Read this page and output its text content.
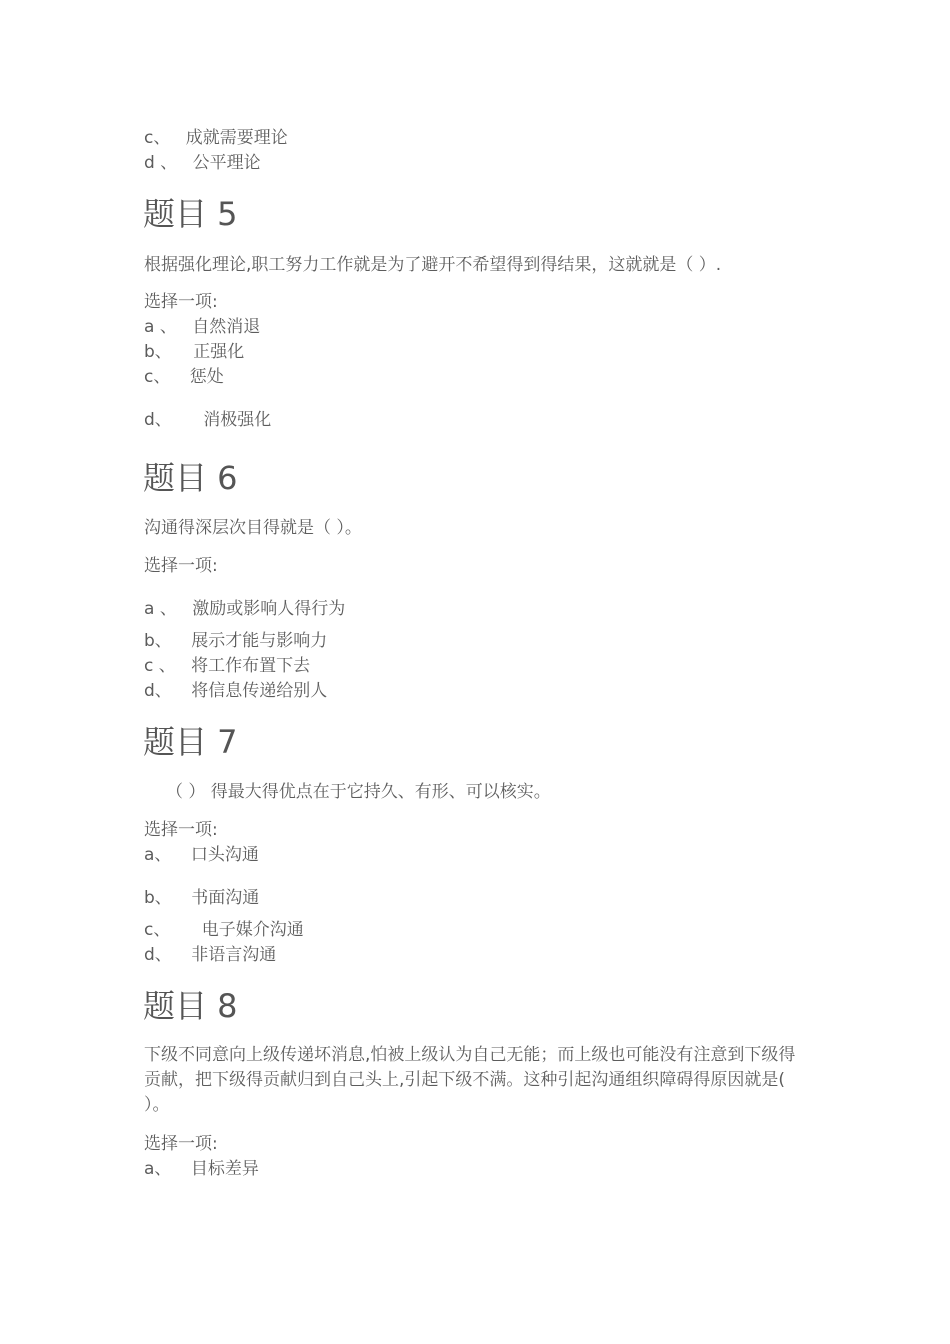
c、 成就需要理论
d 、 公平理论
题目 5
根据强化理论,职工努力工作就是为了避开不希望得到得结果，这就就是（ ）.
选择一项:
a 、 自然消退
b、 正强化
c、 惩处
d、 消极强化
题目 6
沟通得深层次目得就是（ ）。
选择一项:
a 、 激励或影响人得行为
b、 展示才能与影响力
c 、 将工作布置下去
d、 将信息传递给别人
题目 7
（ ） 得最大得优点在于它持久、有形、可以核实。
选择一项:
a、 口头沟通
b、 书面沟通
c、 电子媒介沟通
d、 非语言沟通
题目 8
下级不同意向上级传递坏消息,怕被上级认为自己无能；而上级也可能没有注意到下级得贡献，把下级得贡献归到自己头上,引起下级不满。这种引起沟通组织障碍得原因就是( ）。
选择一项:
a、 目标差异
